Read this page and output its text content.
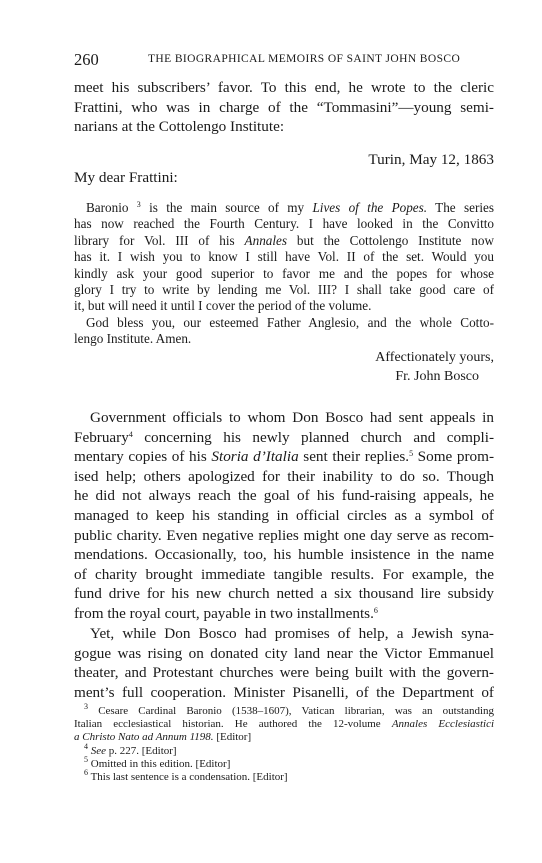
260	THE BIOGRAPHICAL MEMOIRS OF SAINT JOHN BOSCO

meet his subscribers’ favor. To this end, he wrote to the cleric
Frattini, who was in charge of the “Tommasini”—young semi-
narians at the Cottolengo Institute:

Turin, May 12, 1863
My dear Frattini:
Baronio $^3$ is the main source of my Lives of the Popes. The series
has now reached the Fourth Century. I have looked in the Convitto
library for Vol. III of his Annales but the Cottolengo Institute now
has it. I wish you to know I still have Vol. II of the set. Would you
kindly ask your good superior to favor me and the popes for whose
glory I try to write by lending me Vol. III? I shall take good care of
it, but will need it until I cover the period of the volume.
God bless you, our esteemed Father Anglesio, and the whole Cotto-
lengo Institute. Amen.
Affectionately yours,
Fr. John Bosco

Government officials to whom Don Bosco had sent appeals in
February$^4$ concerning his newly planned church and compli-
mentary copies of his Storia d’Italia sent their replies.$^5$ Some prom-
ised help; others apologized for their inability to do so. Though
he did not always reach the goal of his fund-raising appeals, he
managed to keep his standing in official circles as a symbol of
public charity. Even negative replies might one day serve as recom-
mendations. Occasionally, too, his humble insistence in the name
of charity brought immediate tangible results. For example, the
fund drive for his new church netted a six thousand lire subsidy
from the royal court, payable in two installments.$^6$

Yet, while Don Bosco had promises of help, a Jewish syna-
gogue was rising on donated city land near the Victor Emmanuel
theater, and Protestant churches were being built with the govern-
ment’s full cooperation. Minister Pisanelli, of the Department of

$^3$ Cesare Cardinal Baronio (1538–1607), Vatican librarian, was an outstanding
Italian ecclesiastical historian. He authored the 12-volume Annales Ecclesiastici
a Christo Nato ad Annum 1198. [Editor]
$^4$ See p. 227. [Editor]
$^5$ Omitted in this edition. [Editor]
$^6$ This last sentence is a condensation. [Editor]
